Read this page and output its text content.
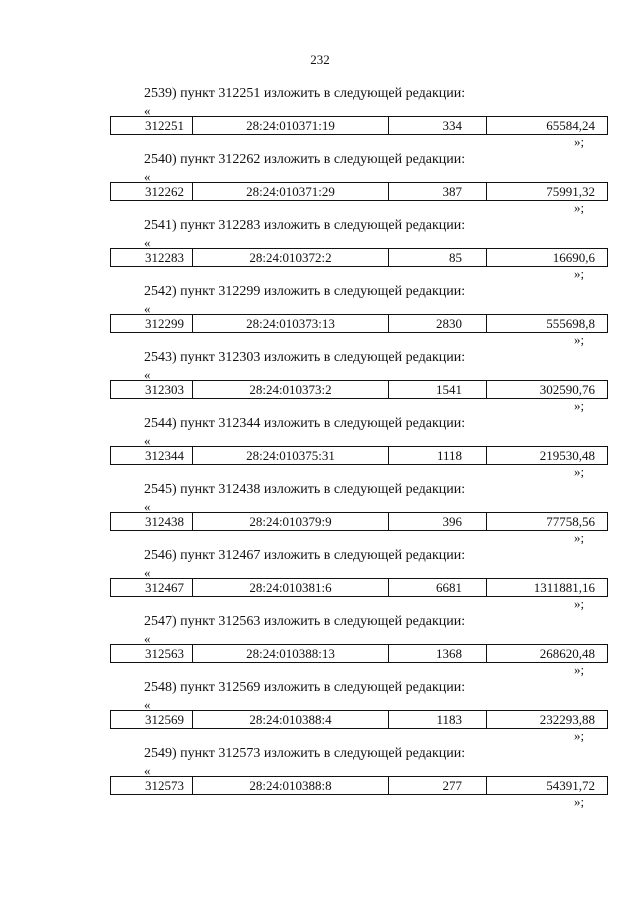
232
2539) пункт 312251 изложить в следующей редакции:
«
312251	28:24:010371:19	334	65584,24
»;
2540) пункт 312262 изложить в следующей редакции:
«
312262	28:24:010371:29	387	75991,32
»;
2541) пункт 312283 изложить в следующей редакции:
«
312283	28:24:010372:2	85	16690,6
»;
2542) пункт 312299 изложить в следующей редакции:
«
312299	28:24:010373:13	2830	555698,8
»;
2543) пункт 312303 изложить в следующей редакции:
«
312303	28:24:010373:2	1541	302590,76
»;
2544) пункт 312344 изложить в следующей редакции:
«
312344	28:24:010375:31	1118	219530,48
»;
2545) пункт 312438 изложить в следующей редакции:
«
312438	28:24:010379:9	396	77758,56
»;
2546) пункт 312467 изложить в следующей редакции:
«
312467	28:24:010381:6	6681	1311881,16
»;
2547) пункт 312563 изложить в следующей редакции:
«
312563	28:24:010388:13	1368	268620,48
»;
2548) пункт 312569 изложить в следующей редакции:
«
312569	28:24:010388:4	1183	232293,88
»;
2549) пункт 312573 изложить в следующей редакции:
«
312573	28:24:010388:8	277	54391,72
»;
